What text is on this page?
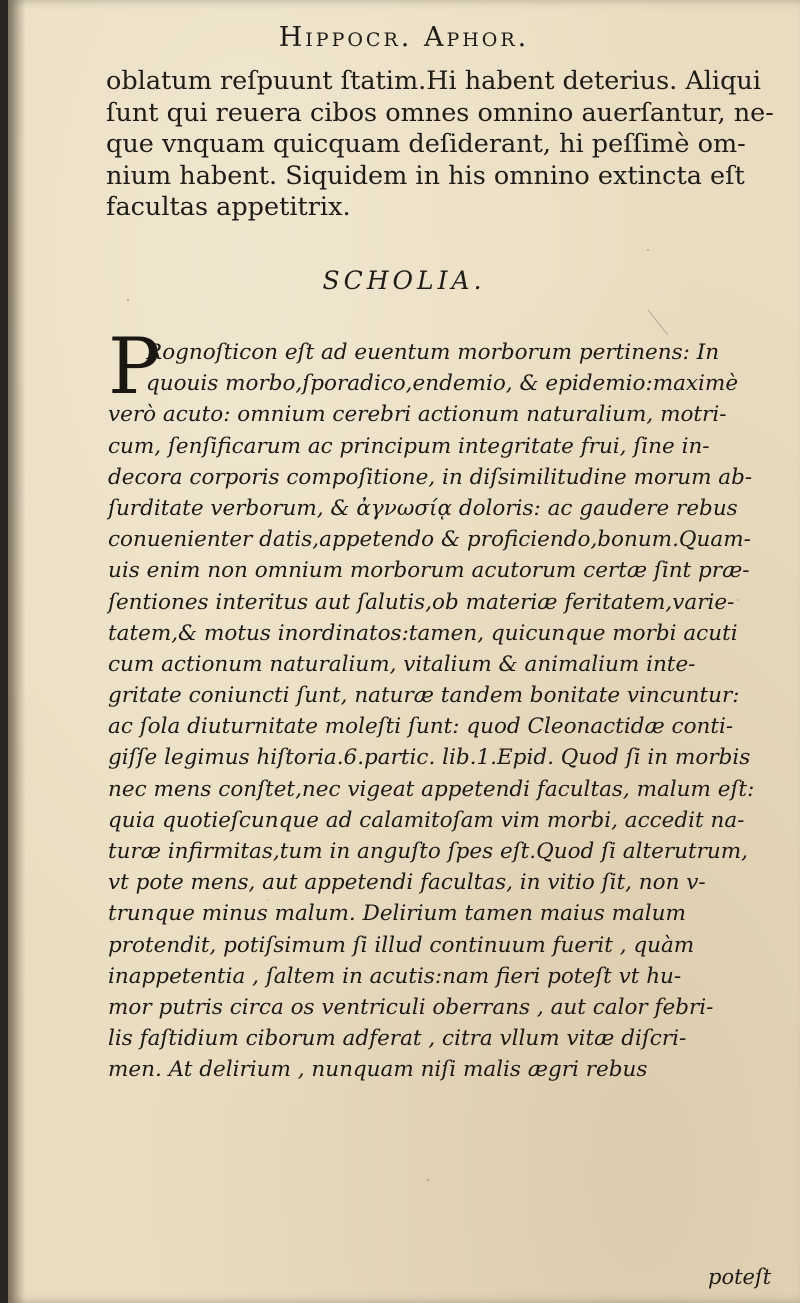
Hippocr. Aphor.
oblatum reſpuunt ſtatim.Hi habent deterius. Aliqui
ſunt qui reuera cibos omnes omnino auerſantur, ne-
que vnquam quicquam deſiderant, hi peſſimè om-
nium habent. Siquidem in his omnino extincta eſt
facultas appetitrix.
SCHOLIA.
P
Rognoſticon eſt ad euentum morborum pertinens: In
quouis morbo,ſporadico,endemio, & epidemio:maximè
verò acuto: omnium cerebri actionum naturalium, motri-
cum, ſenſificarum ac principum integritate frui, ſine in-
decora corporis compoſitione, in diſsimilitudine morum ab-
ſurditate verborum, & ἀγνωσίᾳ doloris: ac gaudere rebus
conuenienter datis,appetendo & proficiendo,bonum.Quam-
uis enim non omnium morborum acutorum certæ ſint præ-
ſentiones interitus aut ſalutis,ob materiæ feritatem,varie-
tatem,& motus inordinatos:tamen, quicunque morbi acuti
cum actionum naturalium, vitalium & animalium inte-
gritate coniuncti ſunt, naturæ tandem bonitate vincuntur:
ac ſola diuturnitate moleſti ſunt: quod Cleonactidæ conti-
giſſe legimus hiſtoria.6.partic. lib.1.Epid. Quod ſi in morbis
nec mens conſtet,nec vigeat appetendi facultas, malum eſt:
quia quotieſcunque ad calamitoſam vim morbi, accedit na-
turæ infirmitas,tum in anguſto ſpes eſt.Quod ſi alterutrum,
vt pote mens, aut appetendi facultas, in vitio ſit, non v-
trunque minus malum. Delirium tamen maius malum
protendit, potiſsimum ſi illud continuum fuerit , quàm
inappetentia , ſaltem in acutis:nam fieri poteſt vt hu-
mor putris circa os ventriculi oberrans , aut calor febri-
lis faſtidium ciborum adferat , citra vllum vitæ diſcri-
men. At delirium , nunquam niſi malis ægri rebus
poteſt
